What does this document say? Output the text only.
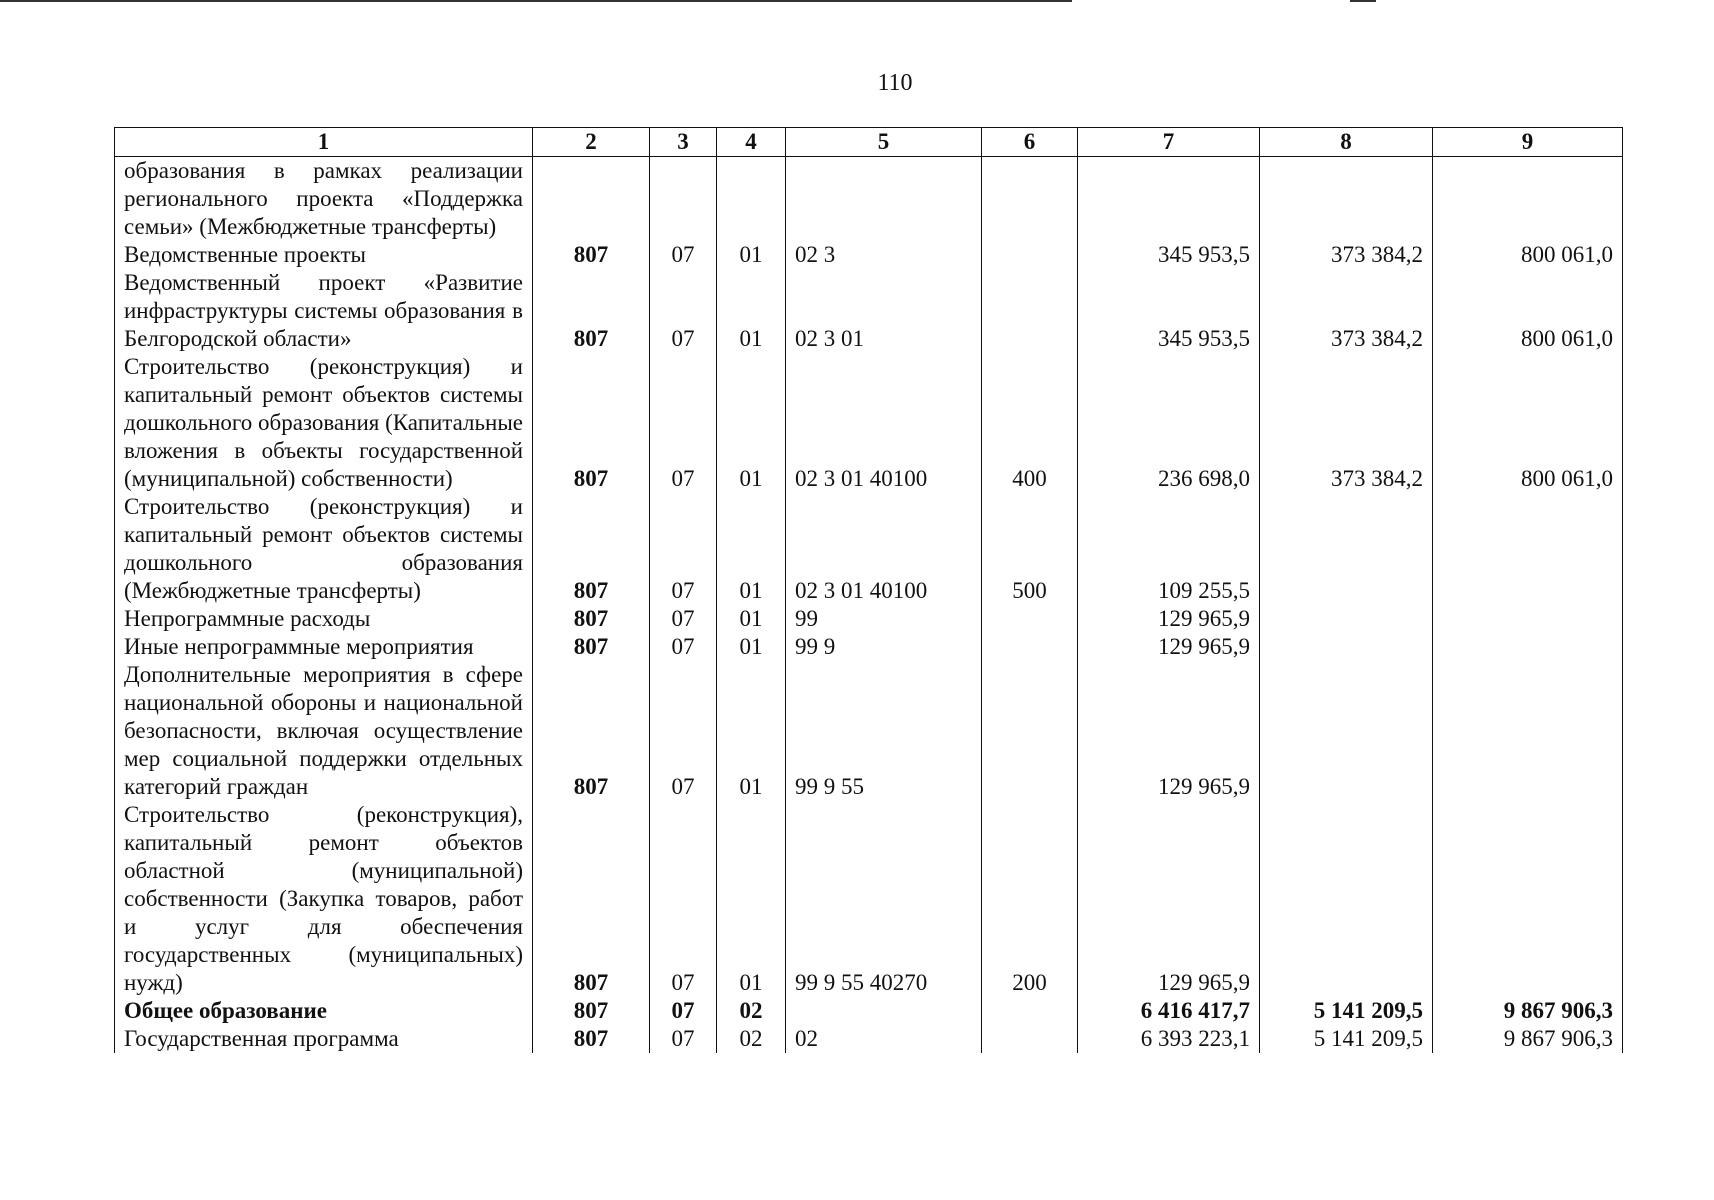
110
1	2	3	4	5	6	7	8	9
образования в рамках реализации регионального проекта «Поддержка семьи» (Межбюджетные трансферты)								
Ведомственные проекты	807	07	01	02 3		345 953,5	373 384,2	800 061,0
Ведомственный проект «Развитие инфраструктуры системы образования в Белгородской области»	807	07	01	02 3 01		345 953,5	373 384,2	800 061,0
Строительство (реконструкция) и капитальный ремонт объектов системы дошкольного образования (Капитальные вложения в объекты государственной (муниципальной) собственности)	807	07	01	02 3 01 40100	400	236 698,0	373 384,2	800 061,0
Строительство (реконструкция) и капитальный ремонт объектов системы дошкольного образования (Межбюджетные трансферты)	807	07	01	02 3 01 40100	500	109 255,5		
Непрограммные расходы	807	07	01	99		129 965,9		
Иные непрограммные мероприятия	807	07	01	99 9		129 965,9		
Дополнительные мероприятия в сфере национальной обороны и национальной безопасности, включая осуществление мер социальной поддержки отдельных категорий граждан	807	07	01	99 9 55		129 965,9		
Строительство (реконструкция), капитальный ремонт объектов областной (муниципальной) собственности (Закупка товаров, работ и услуг для обеспечения государственных (муниципальных) нужд)	807	07	01	99 9 55 40270	200	129 965,9		
Общее образование	807	07	02			6 416 417,7	5 141 209,5	9 867 906,3
Государственная программа	807	07	02	02		6 393 223,1	5 141 209,5	9 867 906,3
